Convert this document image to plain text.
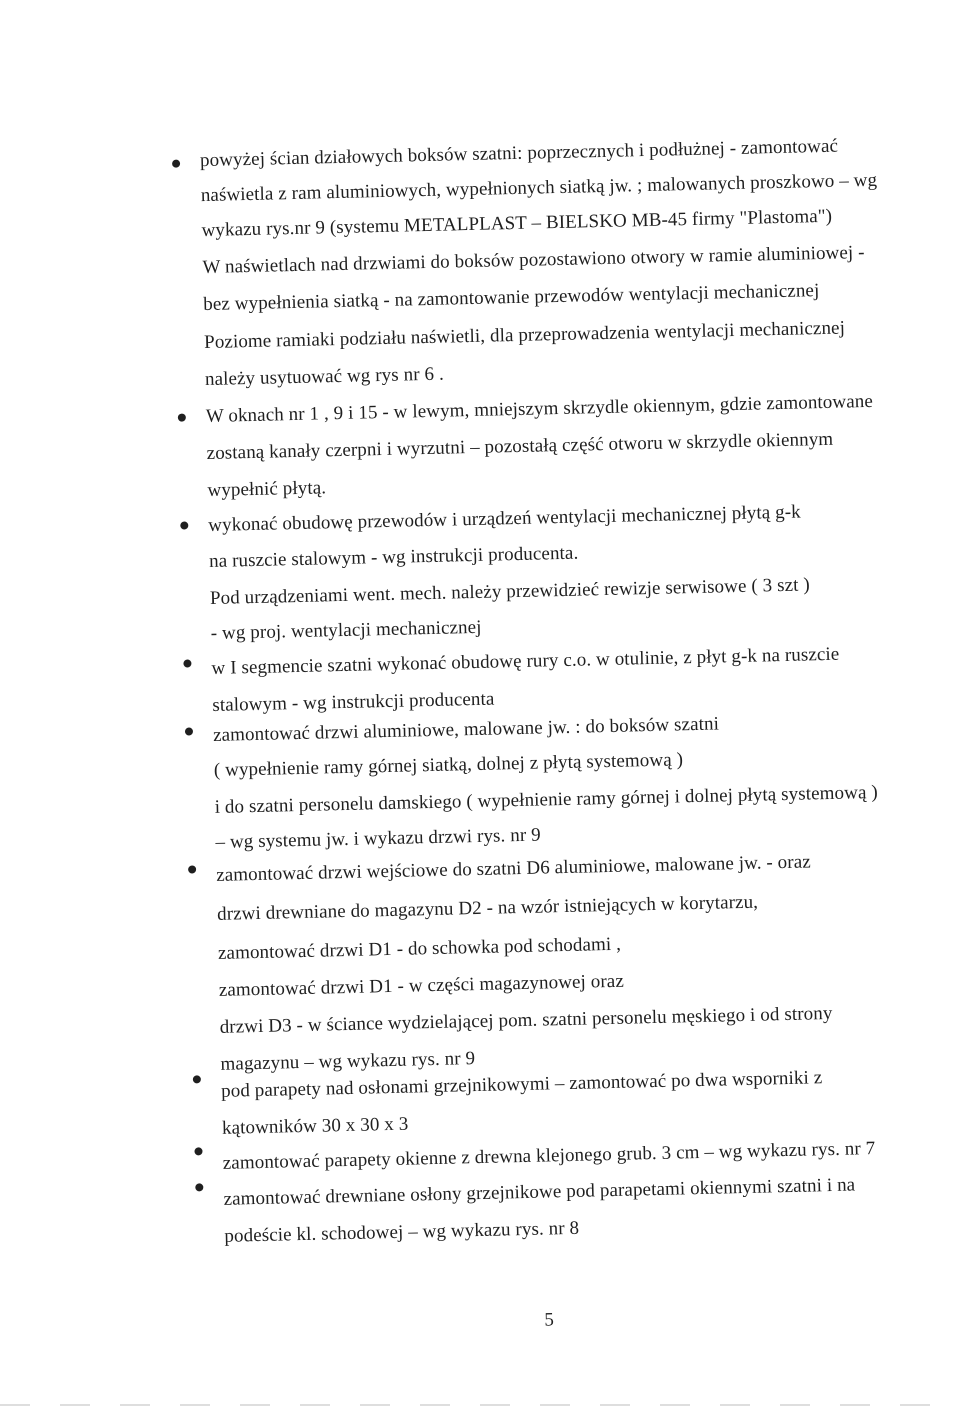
powyżej ścian działowych boksów szatni: poprzecznych i podłużnej - zamontować
naświetla z ram aluminiowych, wypełnionych siatką jw. ; malowanych proszkowo – wg
wykazu rys.nr 9 (systemu METALPLAST – BIELSKO MB-45 firmy "Plastoma")
W naświetlach nad drzwiami do boksów pozostawiono otwory w ramie aluminiowej -
bez wypełnienia siatką - na zamontowanie przewodów wentylacji mechanicznej
Poziome ramiaki podziału naświetli, dla przeprowadzenia wentylacji mechanicznej
należy usytuować wg rys nr 6 .
W oknach nr 1 , 9 i 15 - w lewym, mniejszym skrzydle okiennym, gdzie zamontowane
zostaną kanały czerpni i wyrzutni – pozostałą część otworu w skrzydle okiennym
wypełnić płytą.
wykonać obudowę przewodów i urządzeń wentylacji mechanicznej płytą g-k
na ruszcie stalowym - wg instrukcji producenta.
Pod urządzeniami went. mech. należy przewidzieć rewizje serwisowe ( 3 szt )
- wg proj. wentylacji mechanicznej
w I segmencie szatni wykonać obudowę rury c.o. w otulinie, z płyt g-k na ruszcie
stalowym - wg instrukcji producenta
zamontować drzwi aluminiowe, malowane jw. : do boksów szatni
( wypełnienie ramy górnej siatką, dolnej z płytą systemową )
i do szatni personelu damskiego ( wypełnienie ramy górnej i dolnej płytą systemową )
– wg systemu jw. i wykazu drzwi rys. nr 9
zamontować drzwi wejściowe do szatni D6 aluminiowe, malowane jw. - oraz
drzwi drewniane do magazynu D2 - na wzór istniejących w korytarzu,
zamontować drzwi D1 - do schowka pod schodami ,
zamontować drzwi D1 - w części magazynowej oraz
drzwi D3 - w ściance wydzielającej pom. szatni personelu męskiego i od strony
magazynu – wg wykazu rys. nr 9
pod parapety nad osłonami grzejnikowymi – zamontować po dwa wsporniki z
kątowników 30 x 30 x 3
zamontować parapety okienne z drewna klejonego grub. 3 cm – wg wykazu rys. nr 7
zamontować drewniane osłony grzejnikowe pod parapetami okiennymi szatni i na
podeście kl. schodowej – wg wykazu rys. nr 8
5
